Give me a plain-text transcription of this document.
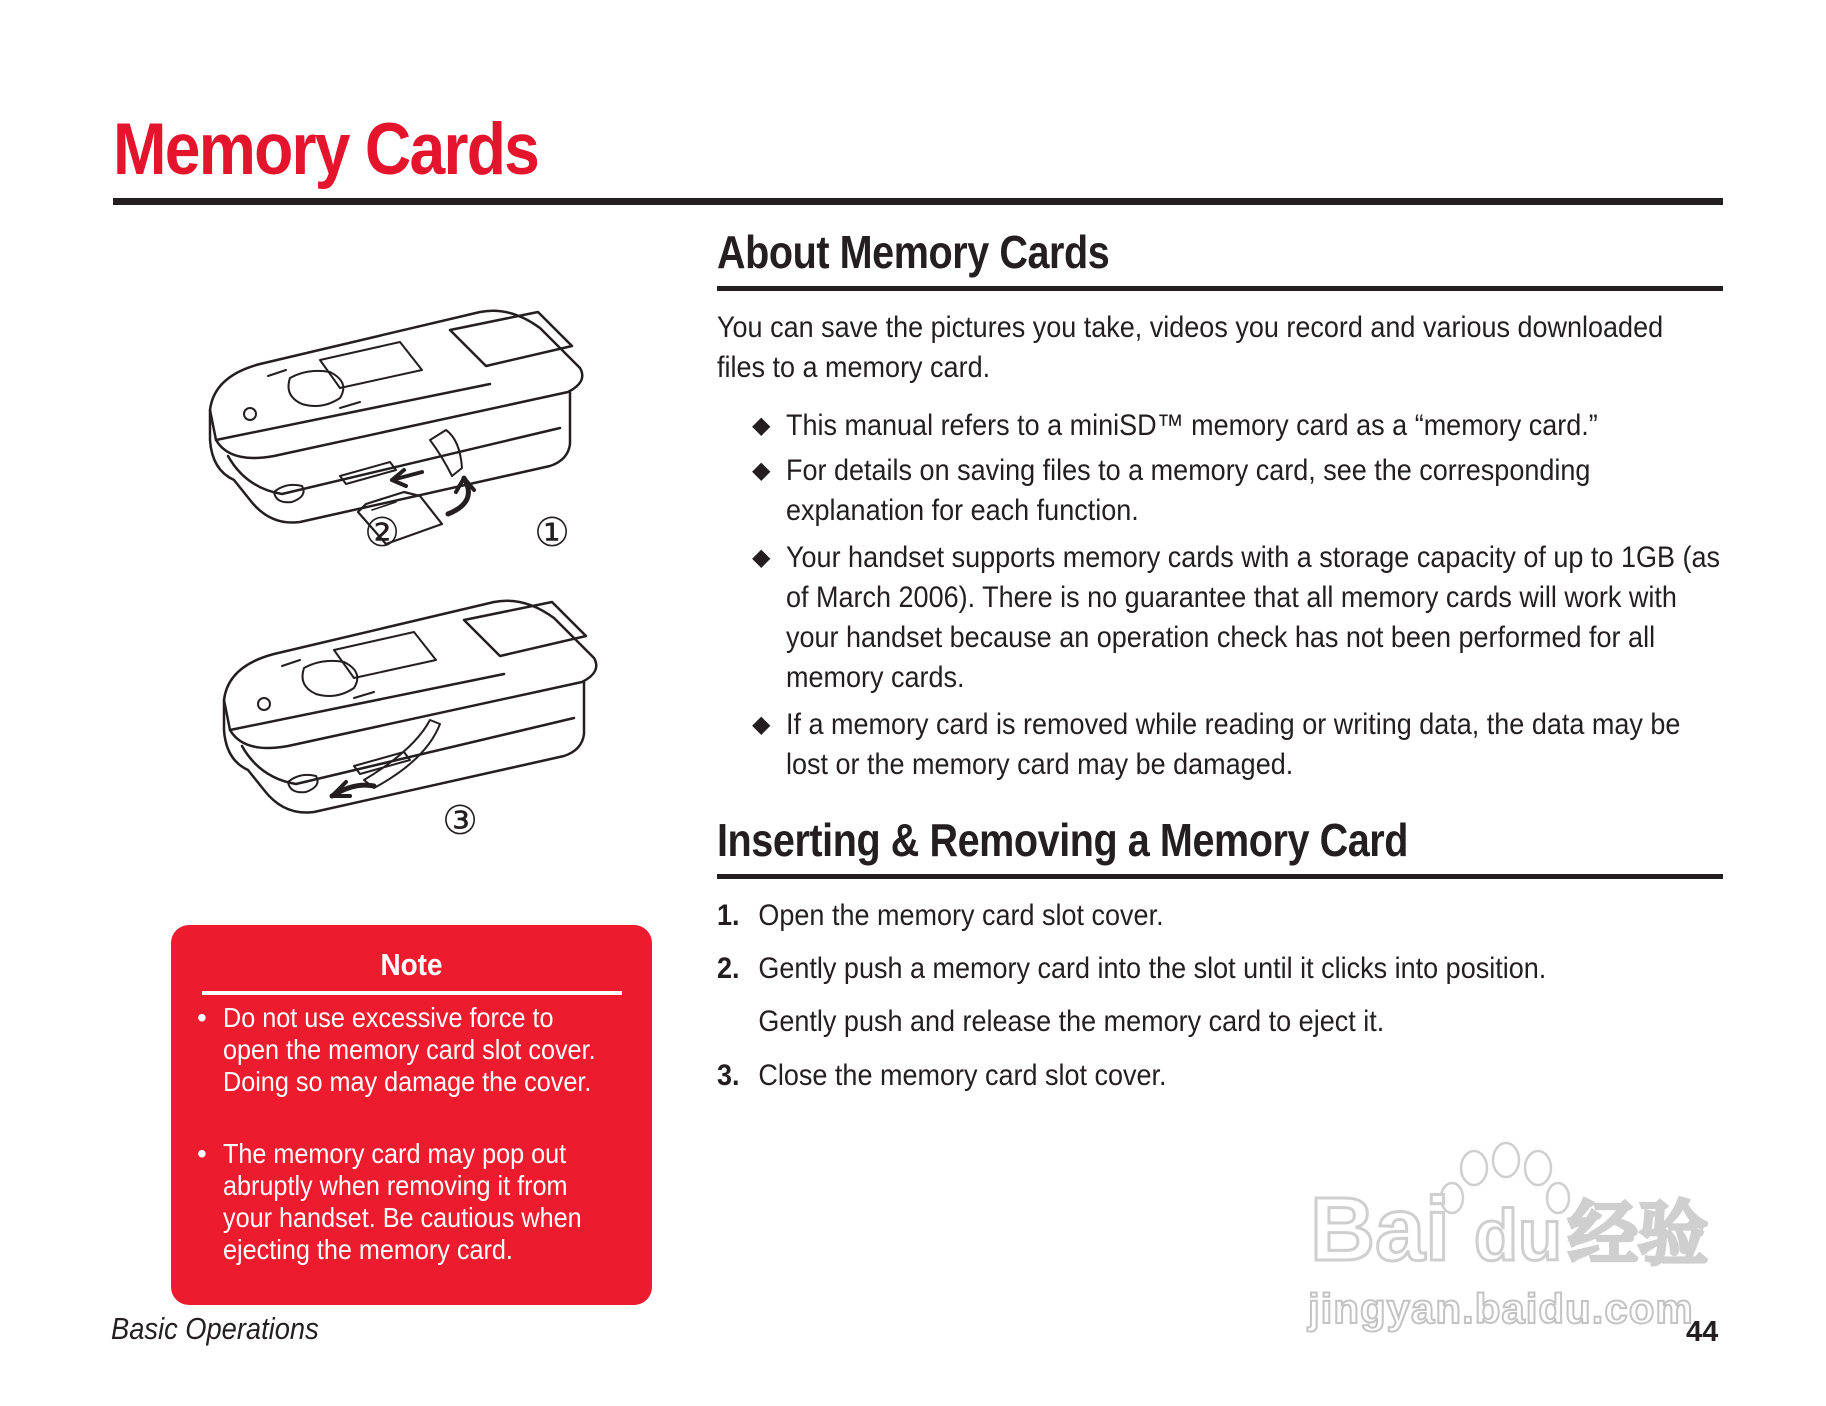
Memory Cards
②	①
③
About Memory Cards
You can save the pictures you take, videos you record and various downloaded files to a memory card.
◆ This manual refers to a miniSD™ memory card as a “memory card.”
◆ For details on saving files to a memory card, see the corresponding explanation for each function.
◆ Your handset supports memory cards with a storage capacity of up to 1GB (as of March 2006). There is no guarantee that all memory cards will work with your handset because an operation check has not been performed for all memory cards.
◆ If a memory card is removed while reading or writing data, the data may be lost or the memory card may be damaged.
Inserting & Removing a Memory Card
1. Open the memory card slot cover.
2. Gently push a memory card into the slot until it clicks into position.
Gently push and release the memory card to eject it.
3. Close the memory card slot cover.
Note
• Do not use excessive force to open the memory card slot cover. Doing so may damage the cover.
• The memory card may pop out abruptly when removing it from your handset. Be cautious when ejecting the memory card.
Basic Operations	44
Bai du 经验
jingyan.baidu.com
